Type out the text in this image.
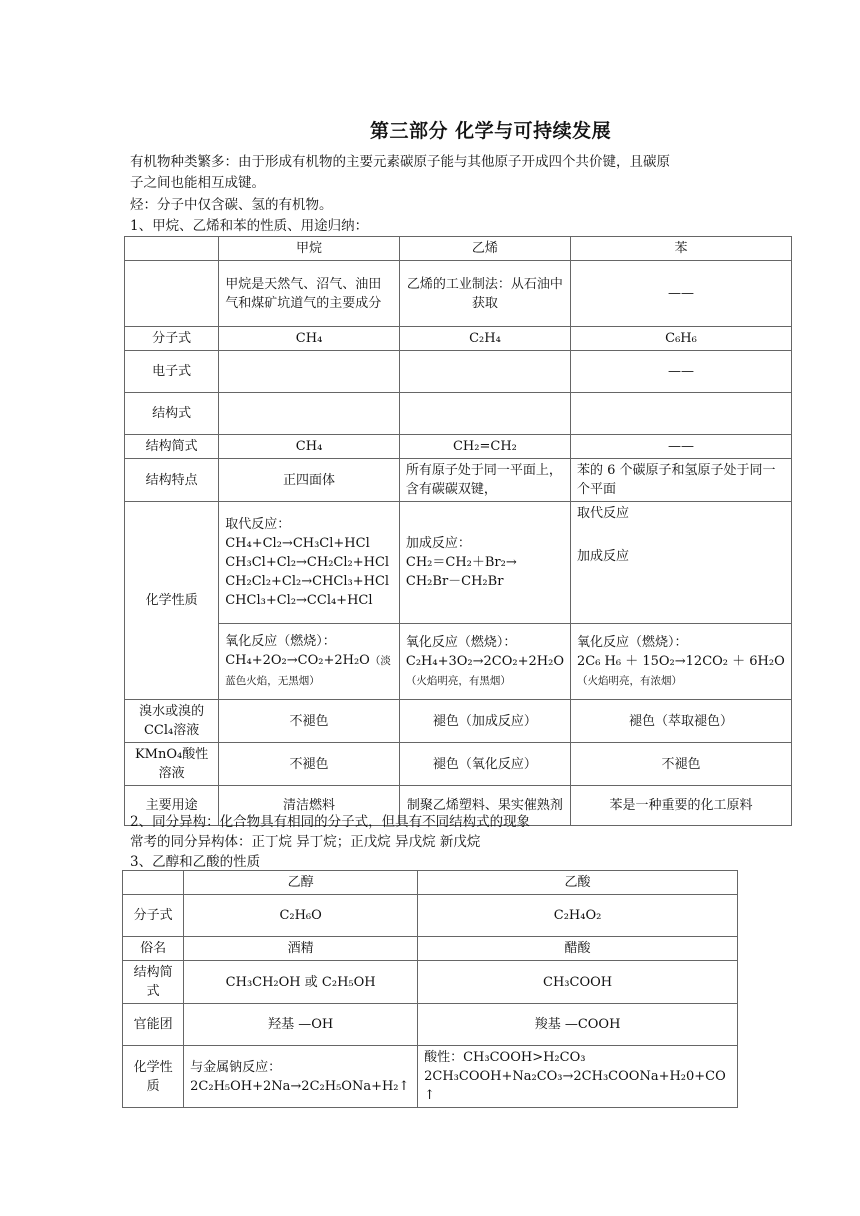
第三部分 化学与可持续发展
有机物种类繁多：由于形成有机物的主要元素碳原子能与其他原子开成四个共价键，且碳原
子之间也能相互成键。
烃：分子中仅含碳、氢的有机物。
1、甲烷、乙烯和苯的性质、用途归纳：
	甲烷	乙烯	苯
	甲烷是天然气、沼气、油田气和煤矿坑道气的主要成分	乙烯的工业制法：从石油中获取	——
分子式	CH₄	C₂H₄	C₆H₆
电子式			——
结构式			
结构简式	CH₄	CH₂=CH₂	——
结构特点	正四面体	所有原子处于同一平面上，含有碳碳双键，	苯的 6 个碳原子和氢原子处于同一个平面
化学性质	取代反应：
CH₄+Cl₂→CH₃Cl+HCl
CH₃Cl+Cl₂→CH₂Cl₂+HCl
CH₂Cl₂+Cl₂→CHCl₃+HCl
CHCl₃+Cl₂→CCl₄+HCl	加成反应：
CH₂＝CH₂＋Br₂→
CH₂Br－CH₂Br	取代反应
加成反应

	氧化反应（燃烧）：
CH₄+2O₂→CO₂+2H₂O（淡蓝色火焰，无黑烟）	氧化反应（燃烧）：
C₂H₄+3O₂→2CO₂+2H₂O
（火焰明亮，有黑烟）	氧化反应（燃烧）：
2C₆ H₆ ＋ 15O₂→12CO₂ ＋ 6H₂O
（火焰明亮，有浓烟）
溴水或溴的CCl₄溶液	不褪色	褪色（加成反应）	褪色（萃取褪色）
KMnO₄酸性溶液	不褪色	褪色（氧化反应）	不褪色
主要用途	清洁燃料	制聚乙烯塑料、果实催熟剂	苯是一种重要的化工原料
2、同分异构：化合物具有相同的分子式，但具有不同结构式的现象
常考的同分异构体：正丁烷 异丁烷；正戊烷 异戊烷 新戊烷
3、乙醇和乙酸的性质
	乙醇	乙酸
分子式	C₂H₆O	C₂H₄O₂
俗名	酒精	醋酸
结构简式	CH₃CH₂OH 或 C₂H₅OH	CH₃COOH
官能团	羟基 —OH	羧基 —COOH
化学性质	与金属钠反应：
2C₂H₅OH+2Na→2C₂H₅ONa+H₂↑	酸性：CH₃COOH>H₂CO₃
2CH₃COOH+Na₂CO₃→2CH₃COONa+H₂0+CO
↑
